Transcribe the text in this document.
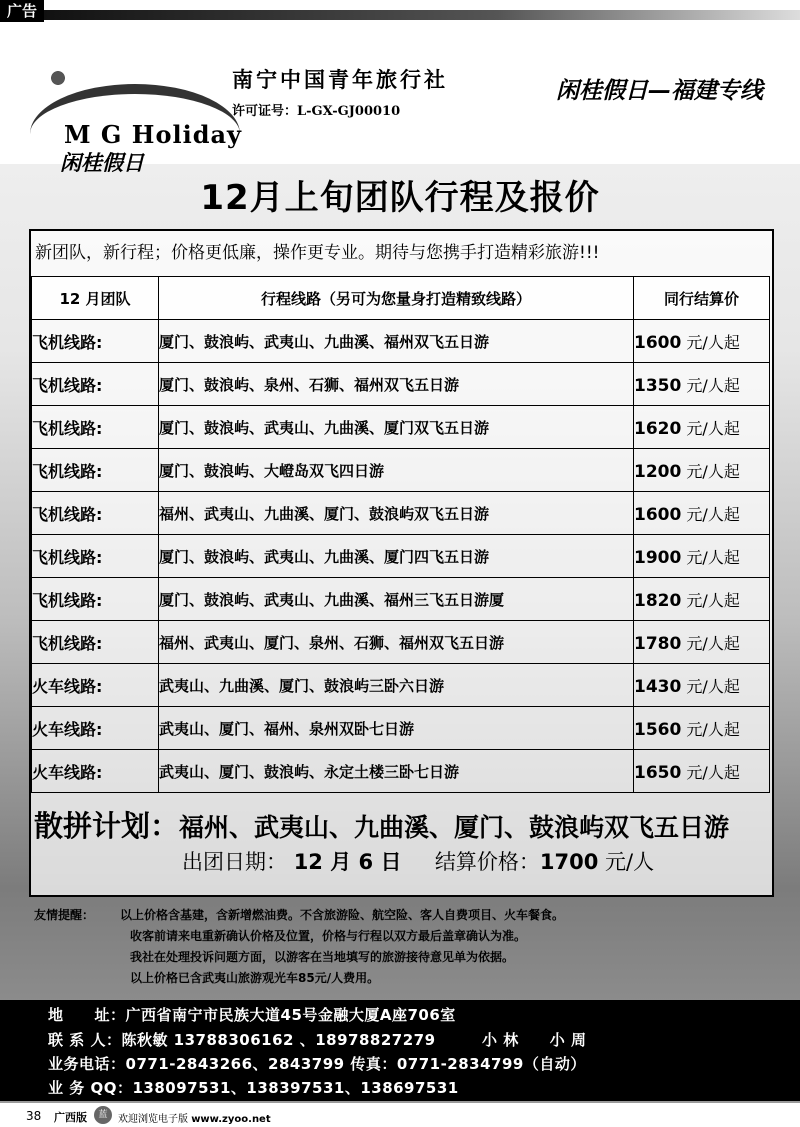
广告
M G Holiday
闲桂假日
南宁中国青年旅行社
许可证号：L-GX-GJ00010
闲桂假日—福建专线
12月上旬团队行程及报价
新团队，新行程；价格更低廉，操作更专业。期待与您携手打造精彩旅游!!!
12 月团队	行程线路（另可为您量身打造精致线路）	同行结算价
飞机线路:	厦门、鼓浪屿、武夷山、九曲溪、福州双飞五日游	1600 元/人起
飞机线路:	厦门、鼓浪屿、泉州、石狮、福州双飞五日游	1350 元/人起
飞机线路:	厦门、鼓浪屿、武夷山、九曲溪、厦门双飞五日游	1620 元/人起
飞机线路:	厦门、鼓浪屿、大嶝岛双飞四日游	1200 元/人起
飞机线路:	福州、武夷山、九曲溪、厦门、鼓浪屿双飞五日游	1600 元/人起
飞机线路:	厦门、鼓浪屿、武夷山、九曲溪、厦门四飞五日游	1900 元/人起
飞机线路:	厦门、鼓浪屿、武夷山、九曲溪、福州三飞五日游厦	1820 元/人起
飞机线路:	福州、武夷山、厦门、泉州、石狮、福州双飞五日游	1780 元/人起
火车线路:	武夷山、九曲溪、厦门、鼓浪屿三卧六日游	1430 元/人起
火车线路:	武夷山、厦门、福州、泉州双卧七日游	1560 元/人起
火车线路:	武夷山、厦门、鼓浪屿、永定土楼三卧七日游	1650 元/人起
散拼计划：福州、武夷山、九曲溪、厦门、鼓浪屿双飞五日游
出团日期： 12 月 6 日 结算价格：1700 元/人
友情提醒： 以上价格含基建，含新增燃油费。不含旅游险、航空险、客人自费项目、火车餐食。
收客前请来电重新确认价格及位置，价格与行程以双方最后盖章确认为准。
我社在处理投诉问题方面，以游客在当地填写的旅游接待意见单为依据。
以上价格已含武夷山旅游观光车85元/人费用。
地　　址：广西省南宁市民族大道45号金融大厦A座706室
联 系 人：陈秋敏 13788306162 、18978827279　　　小 林　　小 周
业务电话：0771-2843266、2843799 传真：0771-2834799（自动）
业 务 QQ：138097531、138397531、138697531
38 广西版	蓝	欢迎浏览电子版 www.zyoo.net
